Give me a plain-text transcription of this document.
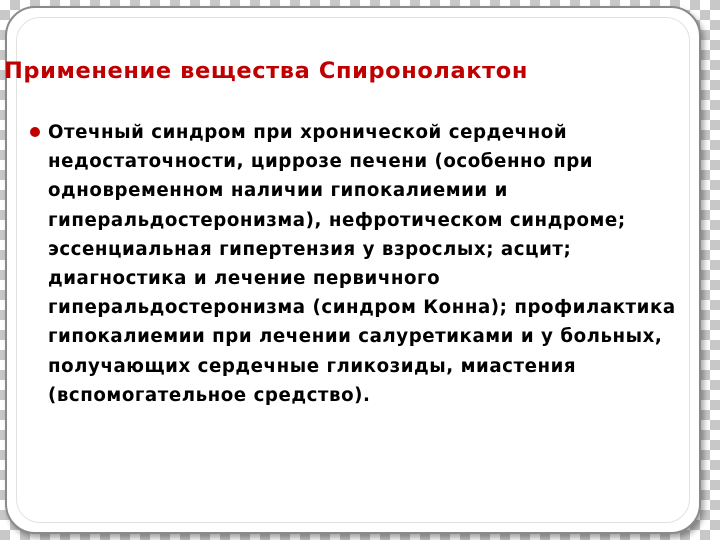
Применение вещества Спиронолактон

Отечный синдром при хронической сердечной недостаточности, циррозе печени (особенно при одновременном наличии гипокалиемии и гиперальдостеронизма), нефротическом синдроме; эссенциальная гипертензия у взрослых; асцит; диагностика и лечение первичного гиперальдостеронизма (синдром Конна); профилактика гипокалиемии при лечении салуретиками и у больных, получающих сердечные гликозиды, миастения (вспомогательное средство).
